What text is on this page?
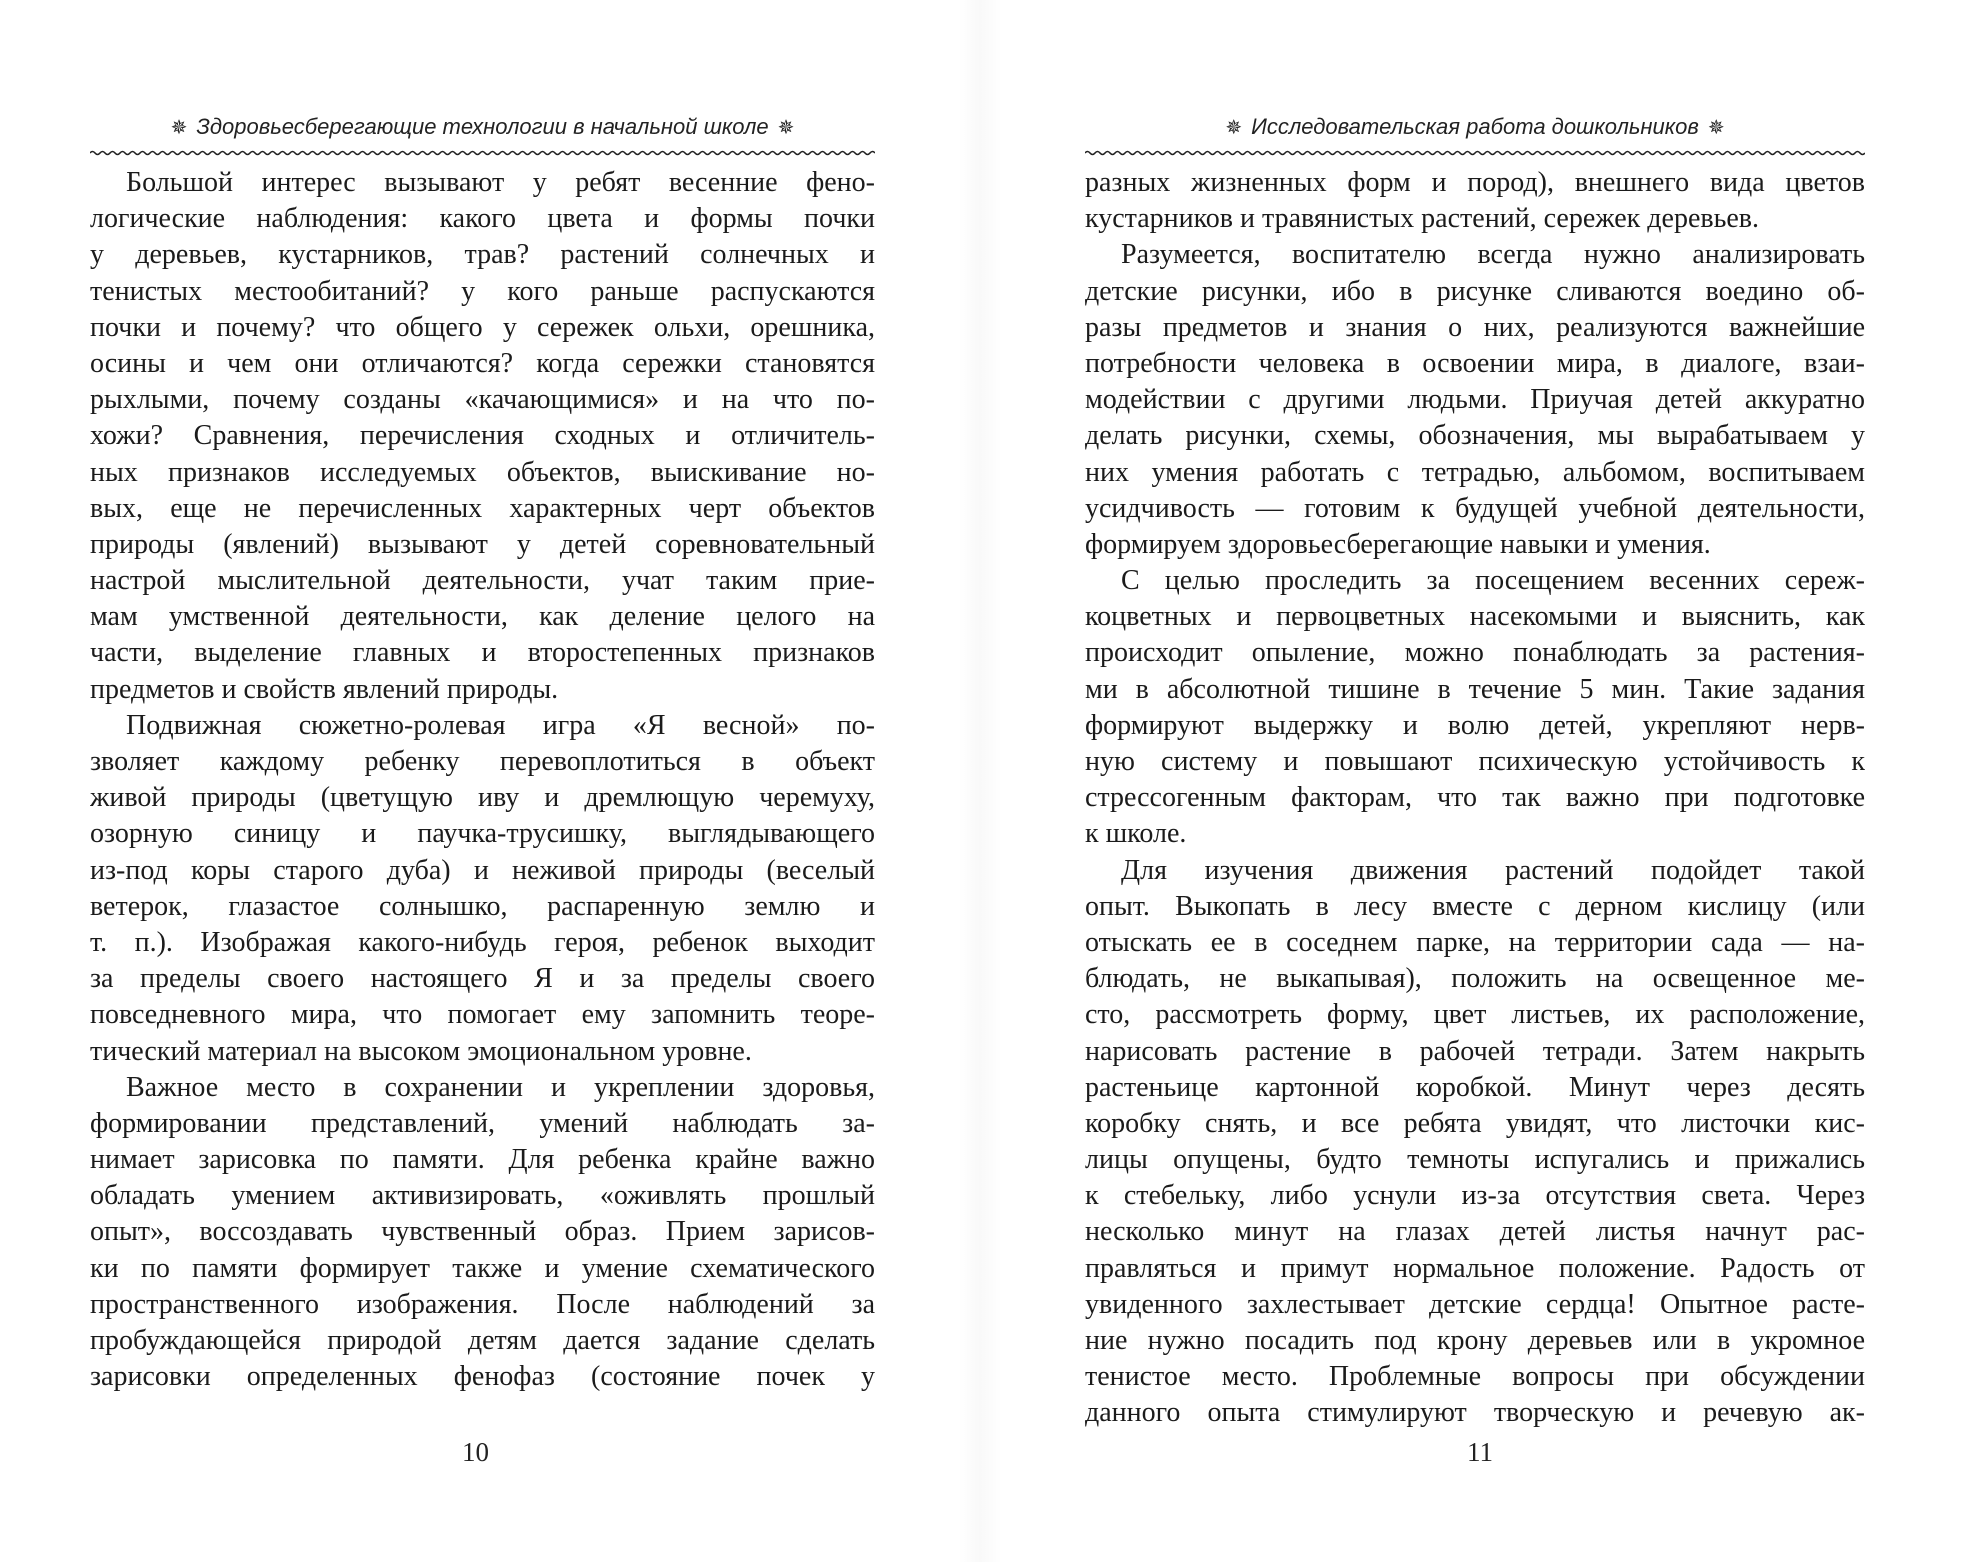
✵ Здоровьесберегающие технологии в начальной школе ✵
Большой интерес вызывают у ребят весенние фено-
логические наблюдения: какого цвета и формы почки
у деревьев, кустарников, трав? растений солнечных и
тенистых местообитаний? у кого раньше распускаются
почки и почему? что общего у сережек ольхи, орешника,
осины и чем они отличаются? когда сережки становятся
рыхлыми, почему созданы «качающимися» и на что по-
хожи? Сравнения, перечисления сходных и отличитель-
ных признаков исследуемых объектов, выискивание но-
вых, еще не перечисленных характерных черт объектов
природы (явлений) вызывают у детей соревновательный
настрой мыслительной деятельности, учат таким прие-
мам умственной деятельности, как деление целого на
части, выделение главных и второстепенных признаков
предметов и свойств явлений природы.
Подвижная сюжетно-ролевая игра «Я весной» по-
зволяет каждому ребенку перевоплотиться в объект
живой природы (цветущую иву и дремлющую черемуху,
озорную синицу и паучка-трусишку, выглядывающего
из-под коры старого дуба) и неживой природы (веселый
ветерок, глазастое солнышко, распаренную землю и
т. п.). Изображая какого-нибудь героя, ребенок выходит
за пределы своего настоящего Я и за пределы своего
повседневного мира, что помогает ему запомнить теоре-
тический материал на высоком эмоциональном уровне.
Важное место в сохранении и укреплении здоровья,
формировании представлений, умений наблюдать за-
нимает зарисовка по памяти. Для ребенка крайне важно
обладать умением активизировать, «оживлять прошлый
опыт», воссоздавать чувственный образ. Прием зарисов-
ки по памяти формирует также и умение схематического
пространственного изображения. После наблюдений за
пробуждающейся природой детям дается задание сделать
зарисовки определенных фенофаз (состояние почек у
10
✵ Исследовательская работа дошкольников ✵
разных жизненных форм и пород), внешнего вида цветов
кустарников и травянистых растений, сережек деревьев.
Разумеется, воспитателю всегда нужно анализировать
детские рисунки, ибо в рисунке сливаются воедино об-
разы предметов и знания о них, реализуются важнейшие
потребности человека в освоении мира, в диалоге, взаи-
модействии с другими людьми. Приучая детей аккуратно
делать рисунки, схемы, обозначения, мы вырабатываем у
них умения работать с тетрадью, альбомом, воспитываем
усидчивость — готовим к будущей учебной деятельности,
формируем здоровьесберегающие навыки и умения.
С целью проследить за посещением весенних сереж-
коцветных и первоцветных насекомыми и выяснить, как
происходит опыление, можно понаблюдать за растения-
ми в абсолютной тишине в течение 5 мин. Такие задания
формируют выдержку и волю детей, укрепляют нерв-
ную систему и повышают психическую устойчивость к
стрессогенным факторам, что так важно при подготовке
к школе.
Для изучения движения растений подойдет такой
опыт. Выкопать в лесу вместе с дерном кислицу (или
отыскать ее в соседнем парке, на территории сада — на-
блюдать, не выкапывая), положить на освещенное ме-
сто, рассмотреть форму, цвет листьев, их расположение,
нарисовать растение в рабочей тетради. Затем накрыть
растеньице картонной коробкой. Минут через десять
коробку снять, и все ребята увидят, что листочки кис-
лицы опущены, будто темноты испугались и прижались
к стебельку, либо уснули из-за отсутствия света. Через
несколько минут на глазах детей листья начнут рас-
правляться и примут нормальное положение. Радость от
увиденного захлестывает детские сердца! Опытное расте-
ние нужно посадить под крону деревьев или в укромное
тенистое место. Проблемные вопросы при обсуждении
данного опыта стимулируют творческую и речевую ак-
11
